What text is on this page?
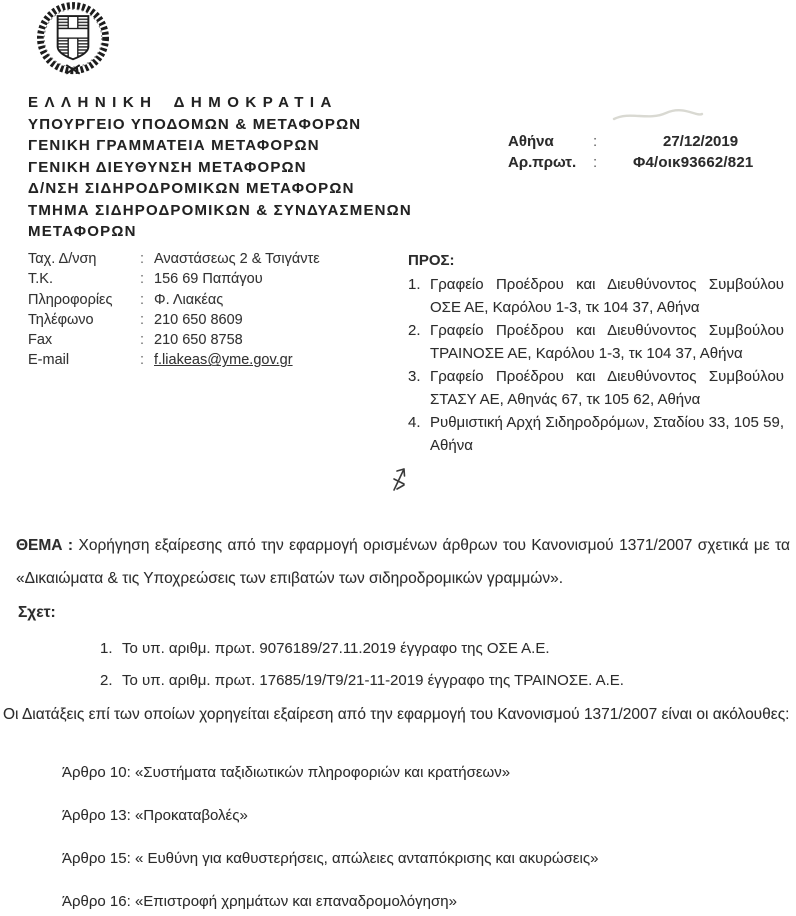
ΕΛΛΗΝΙΚΗ ΔΗΜΟΚΡΑΤΙΑ
ΥΠΟΥΡΓΕΙΟ ΥΠΟΔΟΜΩΝ & ΜΕΤΑΦΟΡΩΝ
ΓΕΝΙΚΗ ΓΡΑΜΜΑΤΕΙΑ ΜΕΤΑΦΟΡΩΝ
ΓΕΝΙΚΗ ΔΙΕΥΘΥΝΣΗ ΜΕΤΑΦΟΡΩΝ
Δ/ΝΣΗ ΣΙΔΗΡΟΔΡΟΜΙΚΩΝ ΜΕΤΑΦΟΡΩΝ
ΤΜΗΜΑ ΣΙΔΗΡΟΔΡΟΜΙΚΩΝ & ΣΥΝΔΥΑΣΜΕΝΩΝ
ΜΕΤΑΦΟΡΩΝ
Αθήνα	:	27/12/2019
Αρ.πρωτ.	:	Φ4/οικ93662/821
Ταχ. Δ/νση	: Αναστάσεως 2 & Τσιγάντε
Τ.Κ.	: 156 69 Παπάγου
Πληροφορίες	: Φ. Λιακέας
Τηλέφωνο	: 210 650 8609
Fax	: 210 650 8758
E-mail	: f.liakeas@yme.gov.gr
ΠΡΟΣ:
1. Γραφείο Προέδρου και Διευθύνοντος Συμβούλου ΟΣΕ ΑΕ, Καρόλου 1-3, τκ 104 37, Αθήνα
2. Γραφείο Προέδρου και Διευθύνοντος Συμβούλου ΤΡΑΙΝΟΣΕ ΑΕ, Καρόλου 1-3, τκ 104 37, Αθήνα
3. Γραφείο Προέδρου και Διευθύνοντος Συμβούλου ΣΤΑΣΥ ΑΕ, Αθηνάς 67, τκ 105 62, Αθήνα
4. Ρυθμιστική Αρχή Σιδηροδρόμων, Σταδίου 33, 105 59, Αθήνα
ΘΕΜΑ : Χορήγηση εξαίρεσης από την εφαρμογή ορισμένων άρθρων του Κανονισμού 1371/2007 σχετικά με τα «Δικαιώματα & τις Υποχρεώσεις των επιβατών των σιδηροδρομικών γραμμών».
Σχετ:
1. Το υπ. αριθμ. πρωτ. 9076189/27.11.2019 έγγραφο της ΟΣΕ Α.Ε.
2. Το υπ. αριθμ. πρωτ. 17685/19/Τ9/21-11-2019 έγγραφο της ΤΡΑΙΝΟΣΕ. Α.Ε.
Οι Διατάξεις επί των οποίων χορηγείται εξαίρεση από την εφαρμογή του Κανονισμού 1371/2007 είναι οι ακόλουθες:
Άρθρο 10: «Συστήματα ταξιδιωτικών πληροφοριών και κρατήσεων»
Άρθρο 13: «Προκαταβολές»
Άρθρο 15: « Ευθύνη για καθυστερήσεις, απώλειες ανταπόκρισης και ακυρώσεις»
Άρθρο 16: «Επιστροφή χρημάτων και επαναδρομολόγηση»
